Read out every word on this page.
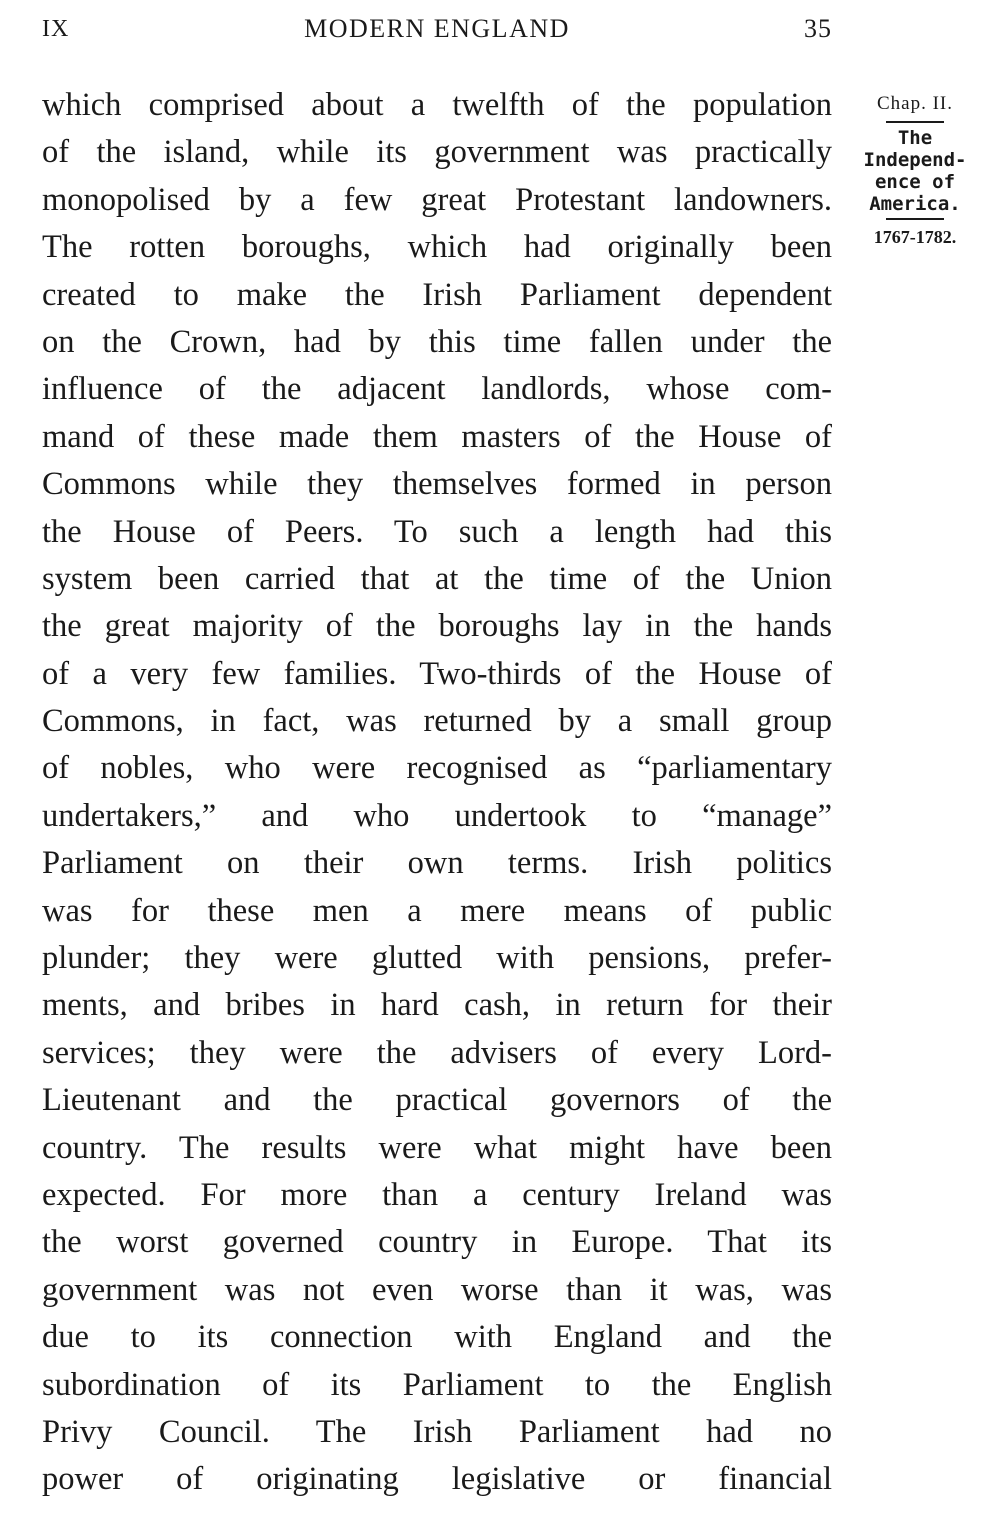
IX	MODERN ENGLAND	35
which comprised about a twelfth of the population
of the island, while its government was practically
monopolised by a few great Protestant landowners.
The rotten boroughs, which had originally been
created to make the Irish Parliament dependent
on the Crown, had by this time fallen under the
influence of the adjacent landlords, whose com-
mand of these made them masters of the House of
Commons while they themselves formed in person
the House of Peers. To such a length had this
system been carried that at the time of the Union
the great majority of the boroughs lay in the hands
of a very few families. Two-thirds of the House of
Commons, in fact, was returned by a small group
of nobles, who were recognised as “parliamentary
undertakers,” and who undertook to “manage”
Parliament on their own terms. Irish politics
was for these men a mere means of public
plunder; they were glutted with pensions, prefer-
ments, and bribes in hard cash, in return for their
services; they were the advisers of every Lord-
Lieutenant and the practical governors of the
country. The results were what might have been
expected. For more than a century Ireland was
the worst governed country in Europe. That its
government was not even worse than it was, was
due to its connection with England and the
subordination of its Parliament to the English
Privy Council. The Irish Parliament had no
power of originating legislative or financial
Chap. II.
The
Independ-
ence of
America.
1767-1782.
